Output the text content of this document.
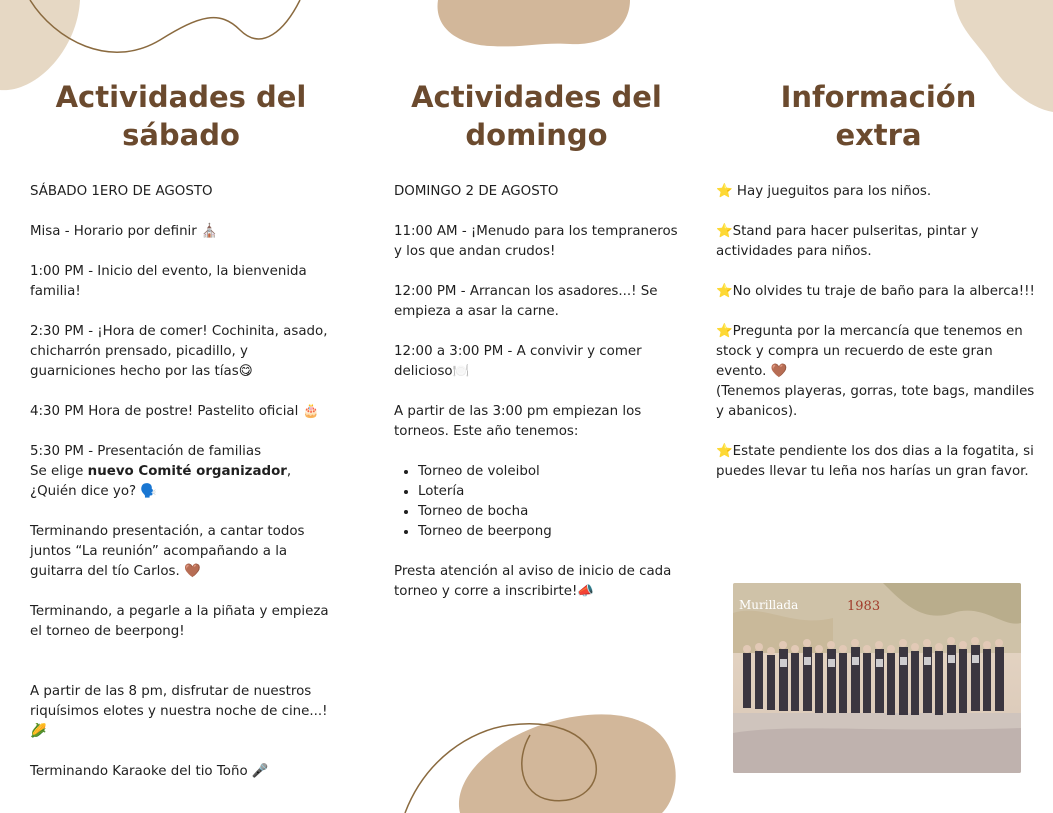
Actividades del
sábado

SÁBADO 1ERO DE AGOSTO

Misa - Horario por definir ⛪

1:00 PM - Inicio del evento, la bienvenida familia!

2:30 PM - ¡Hora de comer! Cochinita, asado, chicharrón prensado, picadillo, y guarniciones hecho por las tías😋

4:30 PM Hora de postre! Pastelito oficial 🎂

5:30 PM - Presentación de familias
Se elige nuevo Comité organizador,
¿Quién dice yo? 🗣️

Terminando presentación, a cantar todos juntos “La reunión” acompañando a la guitarra del tío Carlos. 🤎

Terminando, a pegarle a la piñata y empieza el torneo de beerpong!

A partir de las 8 pm, disfrutar de nuestros riquísimos elotes y nuestra noche de cine...!🌽

Terminando Karaoke del tio Toño 🎤

Actividades del
domingo

DOMINGO 2 DE AGOSTO

11:00 AM - ¡Menudo para los tempraneros y los que andan crudos!

12:00 PM - Arrancan los asadores...! Se empieza a asar la carne.

12:00 a 3:00 PM - A convivir y comer delicioso🍽️

A partir de las 3:00 pm empiezan los torneos. Este año tenemos:

• Torneo de voleibol
• Lotería
• Torneo de bocha
• Torneo de beerpong

Presta atención al aviso de inicio de cada torneo y corre a inscribirte!📣

Información
extra

⭐ Hay jueguitos para los niños.

⭐Stand para hacer pulseritas, pintar y actividades para niños.

⭐No olvides tu traje de baño para la alberca!!!

⭐Pregunta por la mercancía que tenemos en stock y compra un recuerdo de este gran evento. 🤎
(Tenemos playeras, gorras, tote bags, mandiles y abanicos).

⭐Estate pendiente los dos dias a la fogatita, si puedes llevar tu leña nos harías un gran favor.

Murillada	1983
